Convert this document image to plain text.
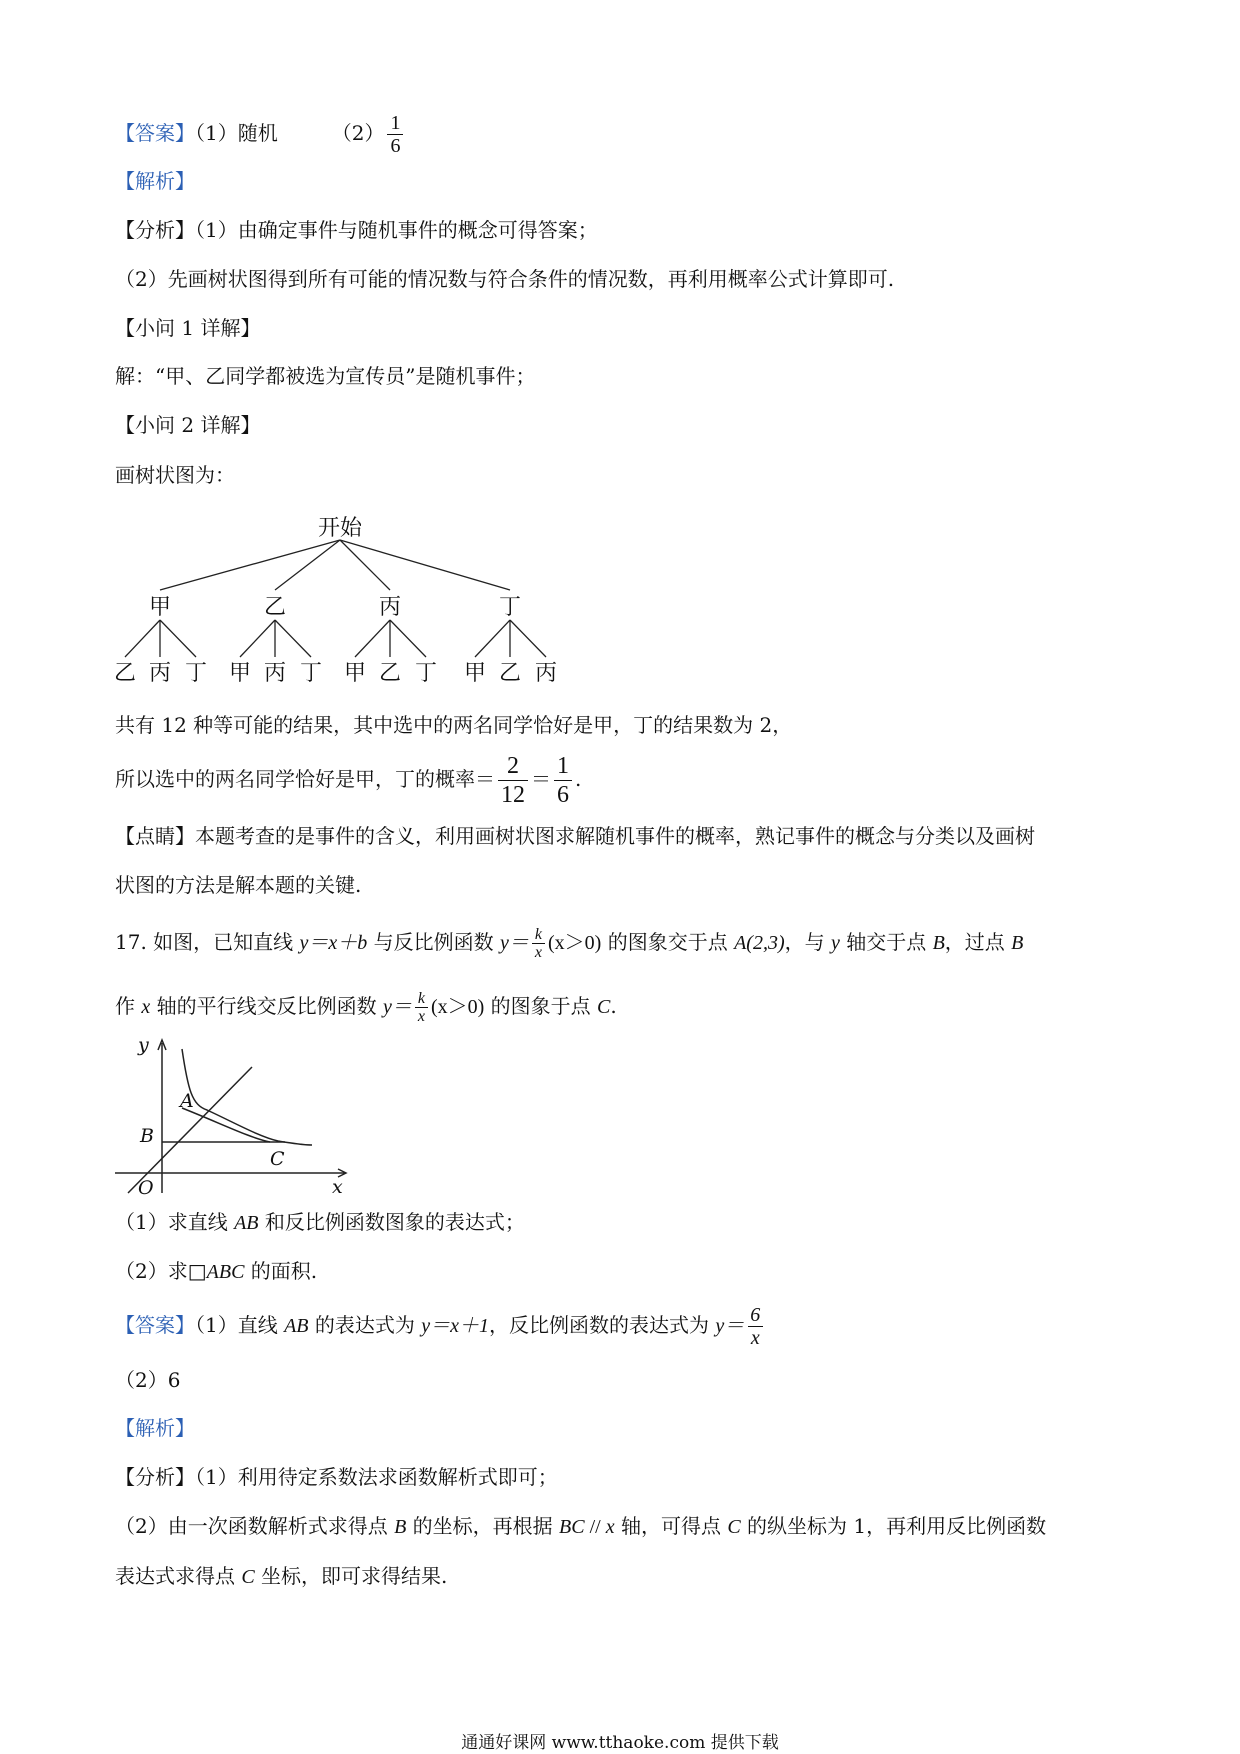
【答案】（1）随机	$(2) \frac{1}{6}$
【解析】
【分析】（1）由确定事件与随机事件的概念可得答案；
（2）先画树状图得到所有可能的情况数与符合条件的情况数，再利用概率公式计算即可.
【小问 1 详解】
解：“甲、乙同学都被选为宣传员”是随机事件；
【小问 2 详解】
画树状图为：
开始
甲	乙	丙	丁
乙 丙 丁 甲 丙 丁 甲 乙 丁 甲 乙 丙
共有 12 种等可能的结果，其中选中的两名同学恰好是甲，丁的结果数为 2，
所以选中的两名同学恰好是甲，丁的概率＝ $\frac{2}{12} = \frac{1}{6}$ .
【点睛】本题考查的是事件的含义，利用画树状图求解随机事件的概率，熟记事件的概念与分类以及画树
状图的方法是解本题的关键.
17. 如图，已知直线 y＝x＋b 与反比例函数 $y= \frac{k}{x} (x>0)$ 的图象交于点 A(2,3)，与 y 轴交于点 B，过点 B
作 x 轴的平行线交反比例函数 $y= \frac{k}{x} (x>0)$ 的图象于点 C.
y
x
O
A
B
C
（1）求直线 AB 和反比例函数图象的表达式；
（2）求□ABC 的面积.
【答案】（1）直线 AB 的表达式为 y＝x＋1，反比例函数的表达式为 $y= \frac{6}{x}$
（2）6
【解析】
【分析】（1）利用待定系数法求函数解析式即可；
（2）由一次函数解析式求得点 B 的坐标，再根据 BC // x 轴，可得点 C 的纵坐标为 1，再利用反比例函数
表达式求得点 C 坐标，即可求得结果.
通通好课网 www.tthaoke.com 提供下载
